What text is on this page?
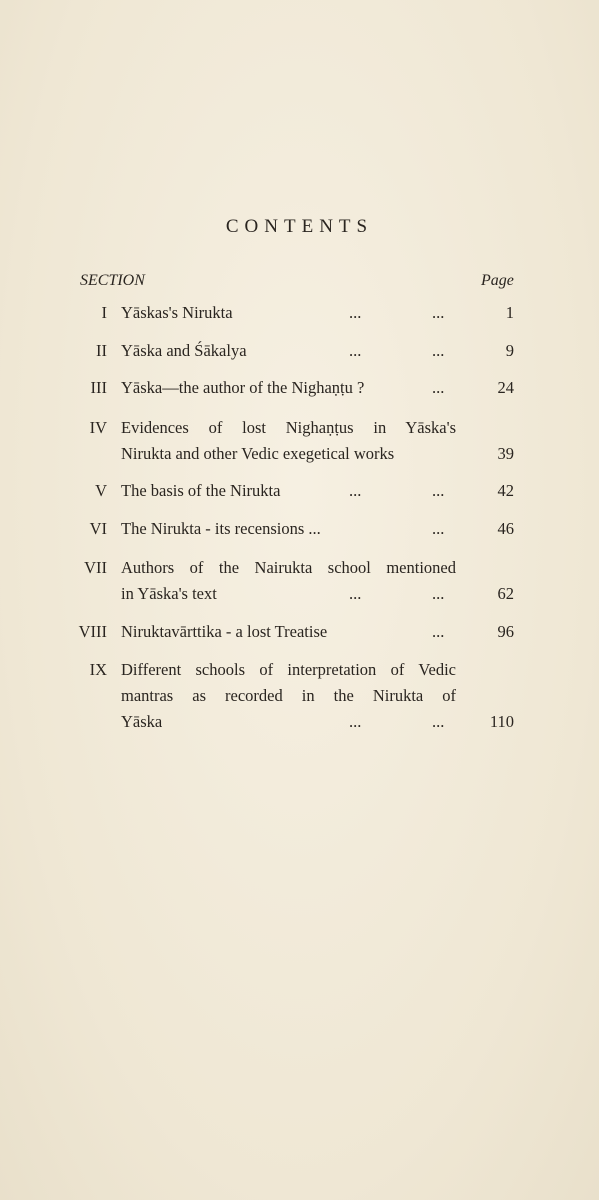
CONTENTS
SECTION	Page
I Yāskas's Nirukta	...	...	1
II Yāska and Śākalya	...	...	9
III Yāska—the author of the Nighaṇṭu ?	...	24
IV Evidences of lost Nighaṇṭus in Yāska's
Nirukta and other Vedic exegetical works	39
V The basis of the Nirukta	...	...	42
VI The Nirukta - its recensions ...	...	46
VII Authors of the Nairukta school mentioned
in Yāska's text	...	...	62
VIII Niruktavārttika - a lost Treatise	...	96
IX Different schools of interpretation of Vedic
mantras as recorded in the Nirukta of
Yāska	...	...	110
